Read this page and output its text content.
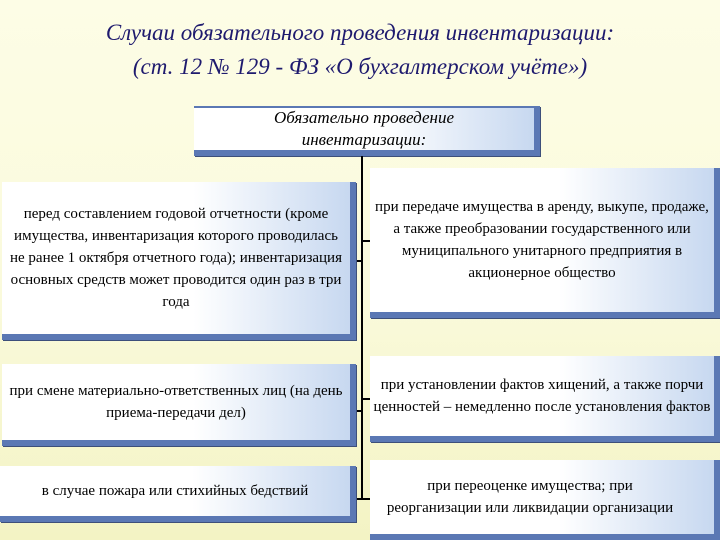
Случаи обязательного проведения инвентаризации:
(ст. 12 № 129 - ФЗ «О бухгалтерском учёте»)
Обязательно проведение
инвентаризации:
перед составлением годовой отчетности (кроме имущества, инвентаризация которого проводилась не ранее 1 октября отчетного года); инвентаризация основных средств может проводится один раз в три года
при смене материально-ответственных лиц (на день приема-передачи дел)
в случае пожара или стихийных бедствий
при передаче имущества в аренду, выкупе, продаже, а также преобразовании государственного или муниципального унитарного предприятия в акционерное общество
при установлении фактов хищений, а также порчи ценностей – немедленно после установления фактов
при переоценке имущества; при реорганизации или ликвидации организации
